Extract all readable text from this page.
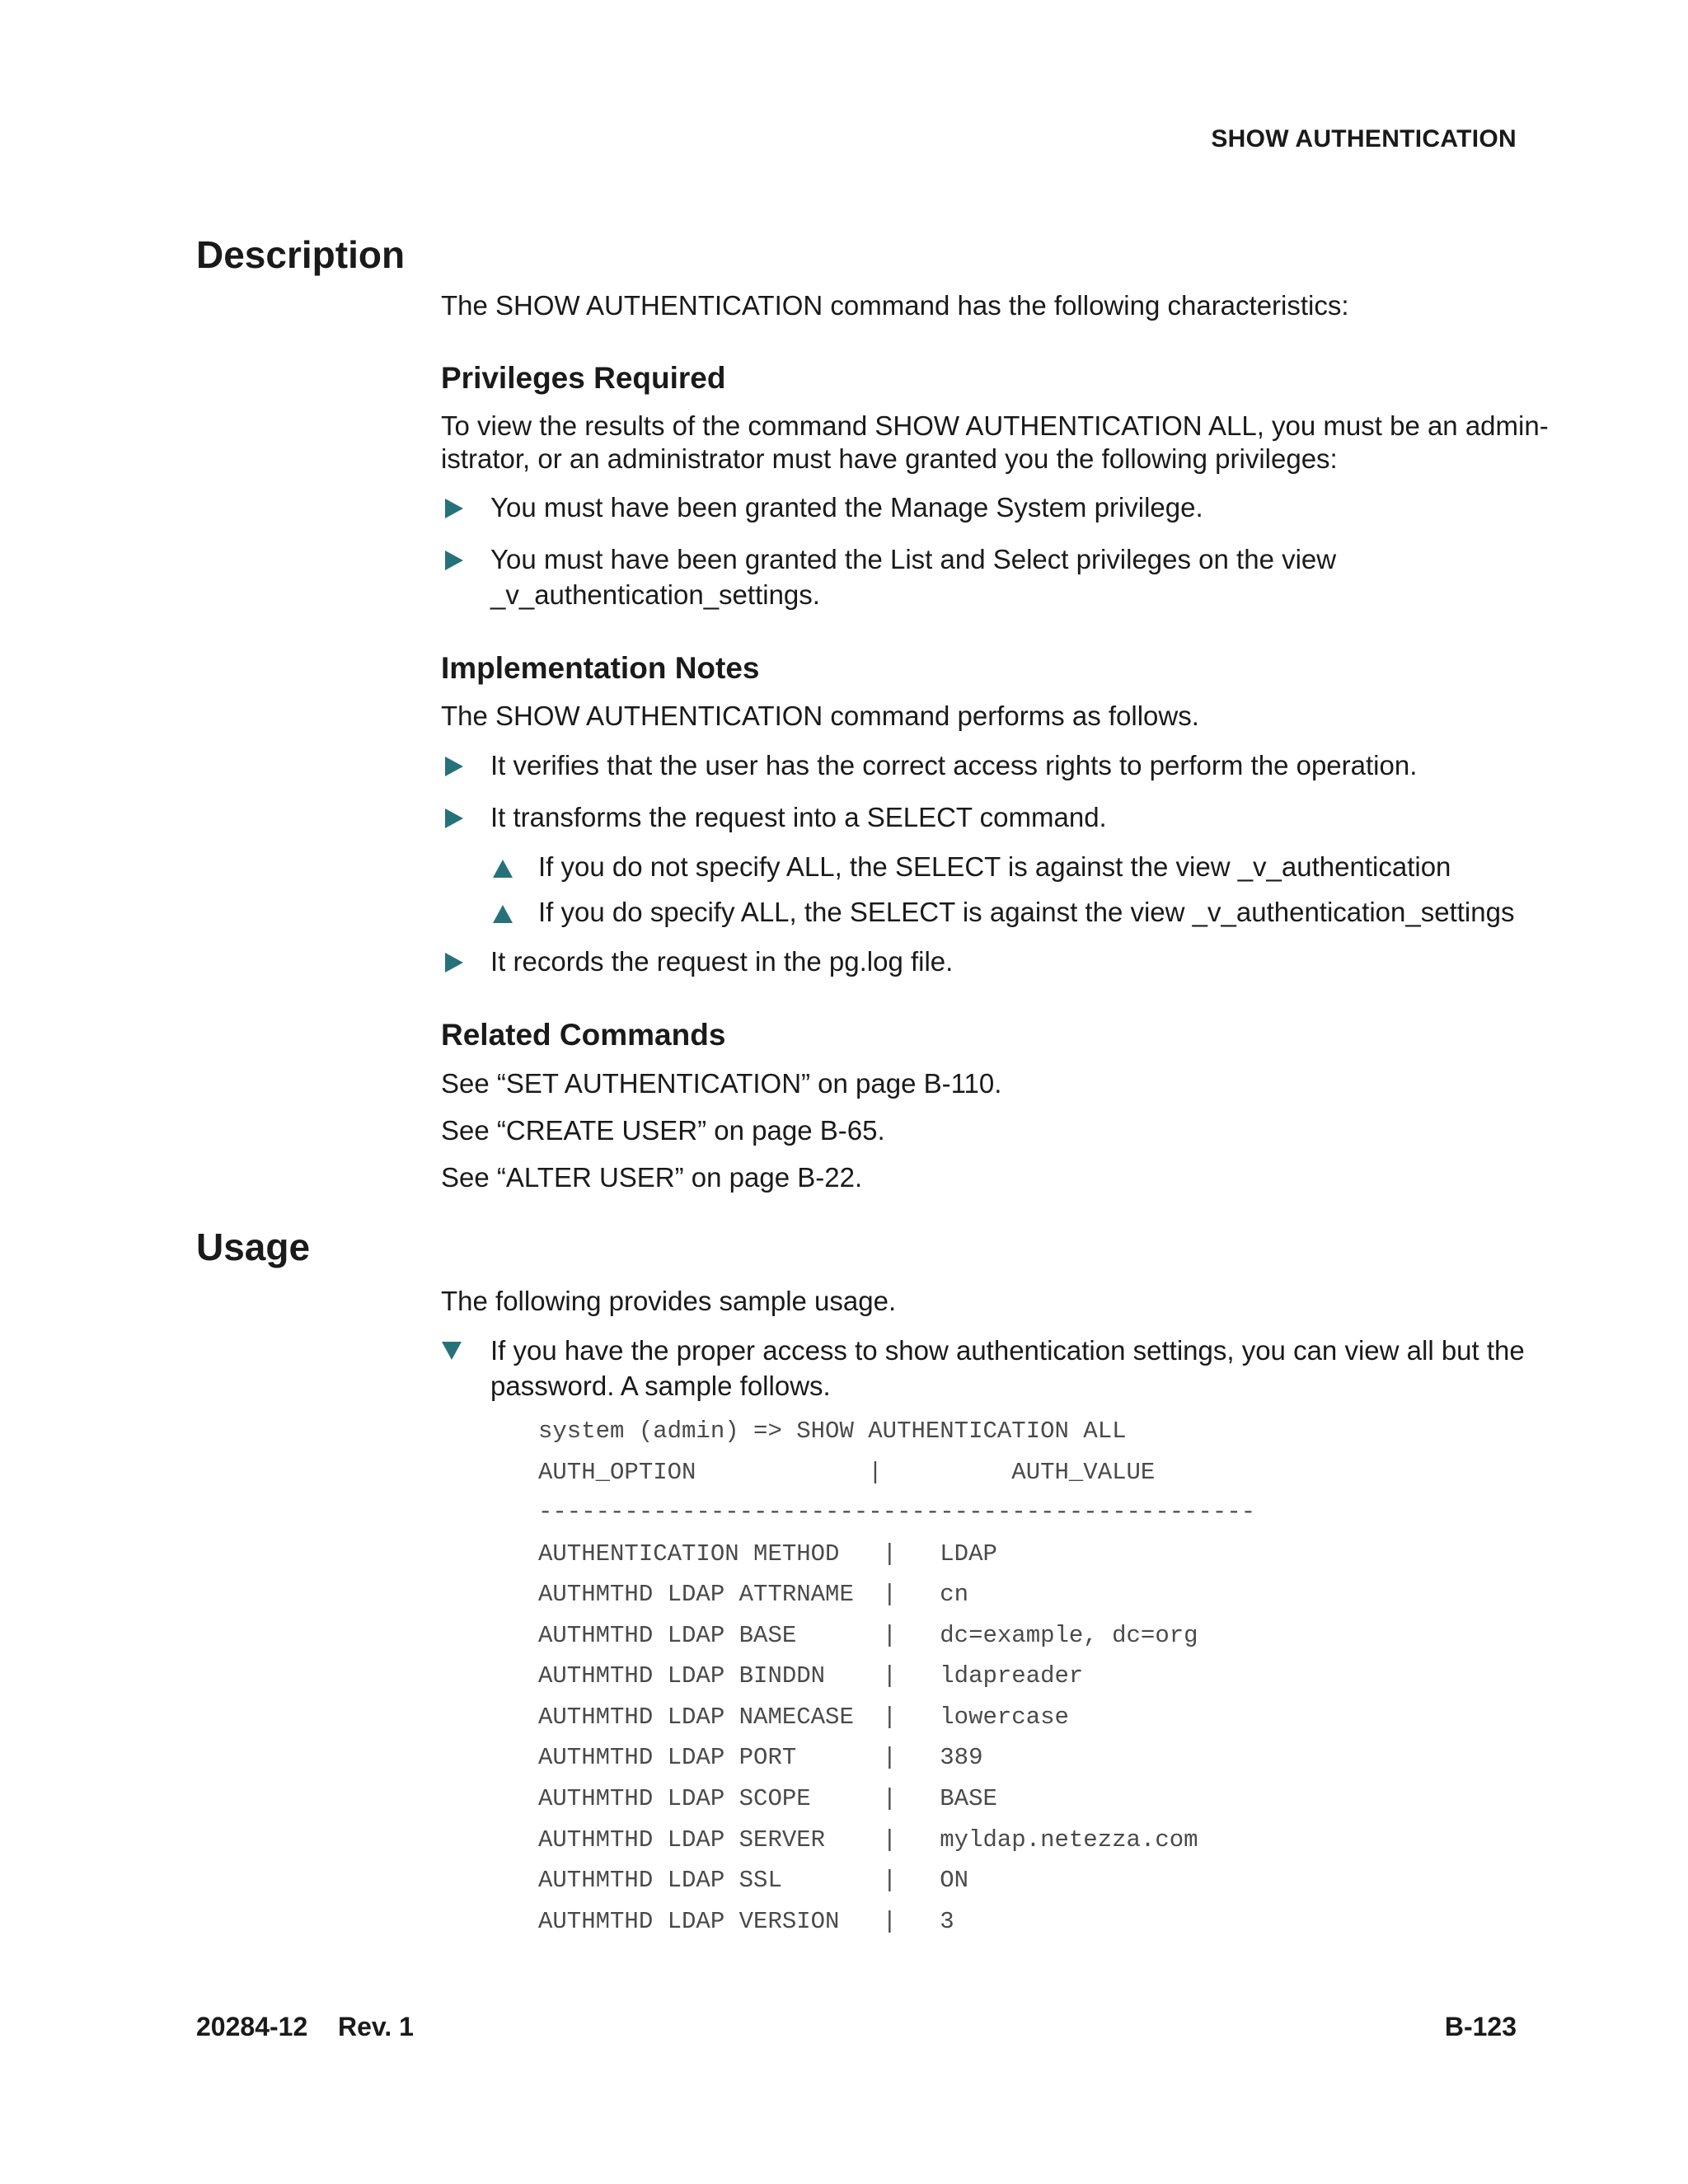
SHOW AUTHENTICATION
Description
The SHOW AUTHENTICATION command has the following characteristics:
Privileges Required
To view the results of the command SHOW AUTHENTICATION ALL, you must be an admin-
istrator, or an administrator must have granted you the following privileges:
You must have been granted the Manage System privilege.
You must have been granted the List and Select privileges on the view
_v_authentication_settings.
Implementation Notes
The SHOW AUTHENTICATION command performs as follows.
It verifies that the user has the correct access rights to perform the operation.
It transforms the request into a SELECT command.
If you do not specify ALL, the SELECT is against the view _v_authentication
If you do specify ALL, the SELECT is against the view _v_authentication_settings
It records the request in the pg.log file.
Related Commands
See “SET AUTHENTICATION” on page B-110.
See “CREATE USER” on page B-65.
See “ALTER USER” on page B-22.
Usage
The following provides sample usage.
If you have the proper access to show authentication settings, you can view all but the
password. A sample follows.
system (admin) => SHOW AUTHENTICATION ALL
AUTH_OPTION            |         AUTH_VALUE
--------------------------------------------------
AUTHENTICATION METHOD   |   LDAP
AUTHMTHD LDAP ATTRNAME  |   cn
AUTHMTHD LDAP BASE      |   dc=example, dc=org
AUTHMTHD LDAP BINDDN    |   ldapreader
AUTHMTHD LDAP NAMECASE  |   lowercase
AUTHMTHD LDAP PORT      |   389
AUTHMTHD LDAP SCOPE     |   BASE
AUTHMTHD LDAP SERVER    |   myldap.netezza.com
AUTHMTHD LDAP SSL       |   ON
AUTHMTHD LDAP VERSION   |   3
20284-12 Rev. 1	B-123
